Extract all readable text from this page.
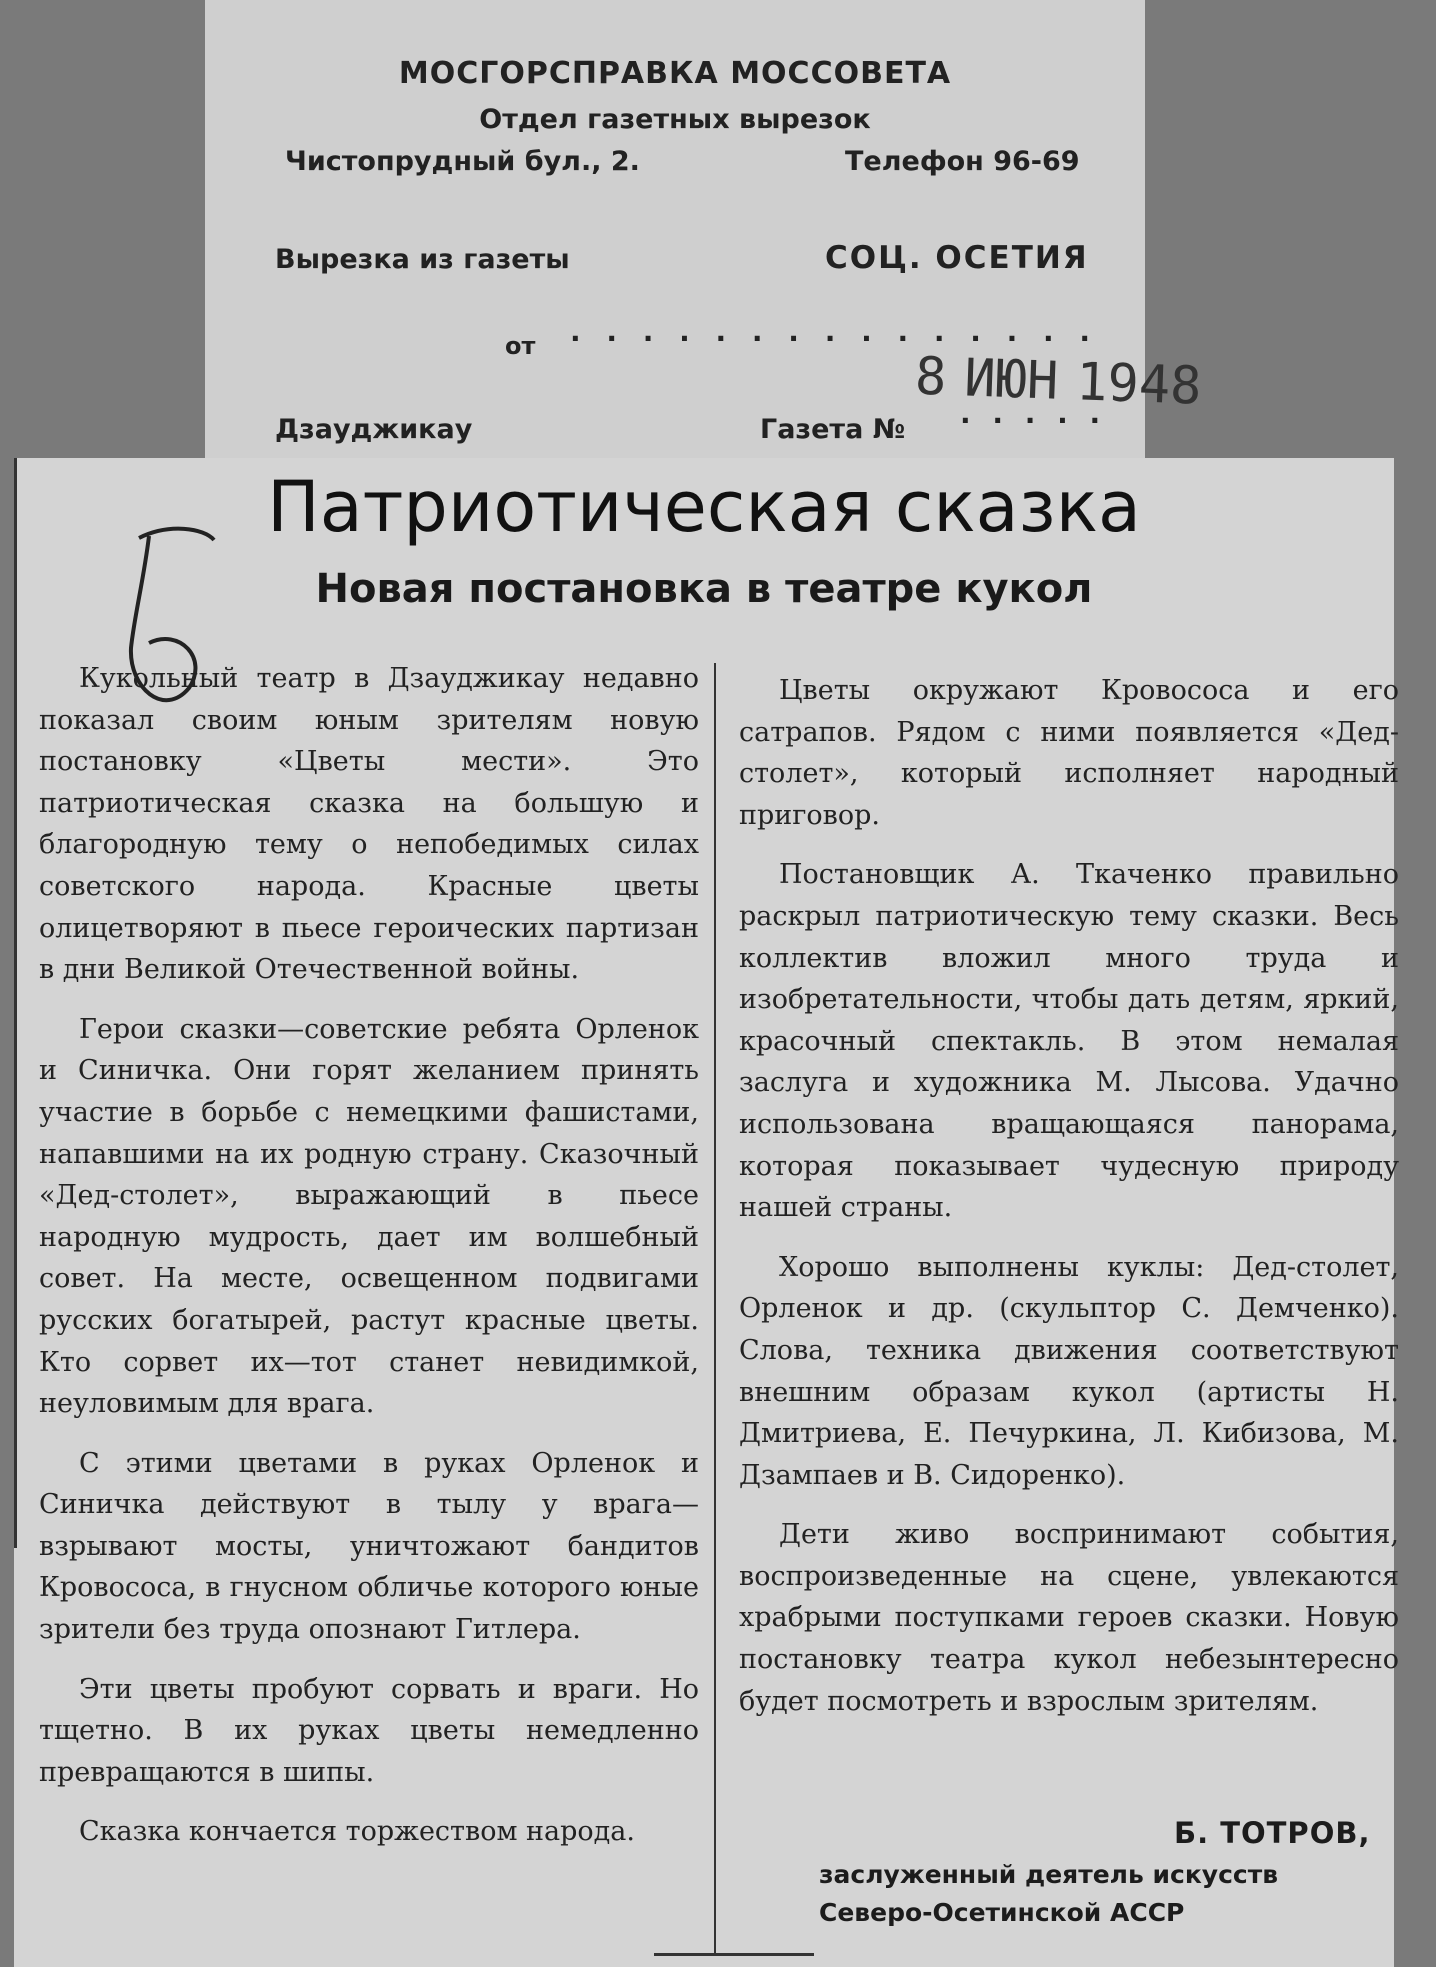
МОСГОРСПРАВКА МОССОВЕТА
Отдел газетных вырезок
Чистопрудный бул., 2.	Телефон 96-69
Вырезка из газеты	СОЦ. ОСЕТИЯ
от · · · · · · · · · · · · · · ·
Дзауджикау	Газета № · · · · ·
8 ИЮН 1948
Патриотическая сказка
Новая постановка в театре кукол

Кукольный театр в Дзауджикау недавно показал своим юным зрителям новую постановку «Цветы мести». Это патриотическая сказка на большую и благородную тему о непобедимых силах советского народа. Красные цветы олицетворяют в пьесе героических партизан в дни Великой Отечественной войны.

Герои сказки—советские ребята Орленок и Синичка. Они горят желанием принять участие в борьбе с немецкими фашистами, напавшими на их родную страну. Сказочный «Дед-столет», выражающий в пьесе народную мудрость, дает им волшебный совет. На месте, освещенном подвигами русских богатырей, растут красные цветы. Кто сорвет их—тот станет невидимкой, неуловимым для врага.

С этими цветами в руках Орленок и Синичка действуют в тылу у врага—взрывают мосты, уничтожают бандитов Кровососа, в гнусном обличье которого юные зрители без труда опознают Гитлера.

Эти цветы пробуют сорвать и враги. Но тщетно. В их руках цветы немедленно превращаются в шипы.

Сказка кончается торжеством народа.

Цветы окружают Кровососа и его сатрапов. Рядом с ними появляется «Дед-столет», который исполняет народный приговор.

Постановщик А. Ткаченко правильно раскрыл патриотическую тему сказки. Весь коллектив вложил много труда и изобретательности, чтобы дать детям, яркий, красочный спектакль. В этом немалая заслуга и художника М. Лысова. Удачно использована вращающаяся панорама, которая показывает чудесную природу нашей страны.

Хорошо выполнены куклы: Дед-столет, Орленок и др. (скульптор С. Демченко). Слова, техника движения соответствуют внешним образам кукол (артисты Н. Дмитриева, Е. Печуркина, Л. Кибизова, М. Дзампаев и В. Сидоренко).

Дети живо воспринимают события, воспроизведенные на сцене, увлекаются храбрыми поступками героев сказки. Новую постановку театра кукол небезынтересно будет посмотреть и взрослым зрителям.

Б. ТОТРОВ,
заслуженный деятель искусств
Северо-Осетинской АССР
